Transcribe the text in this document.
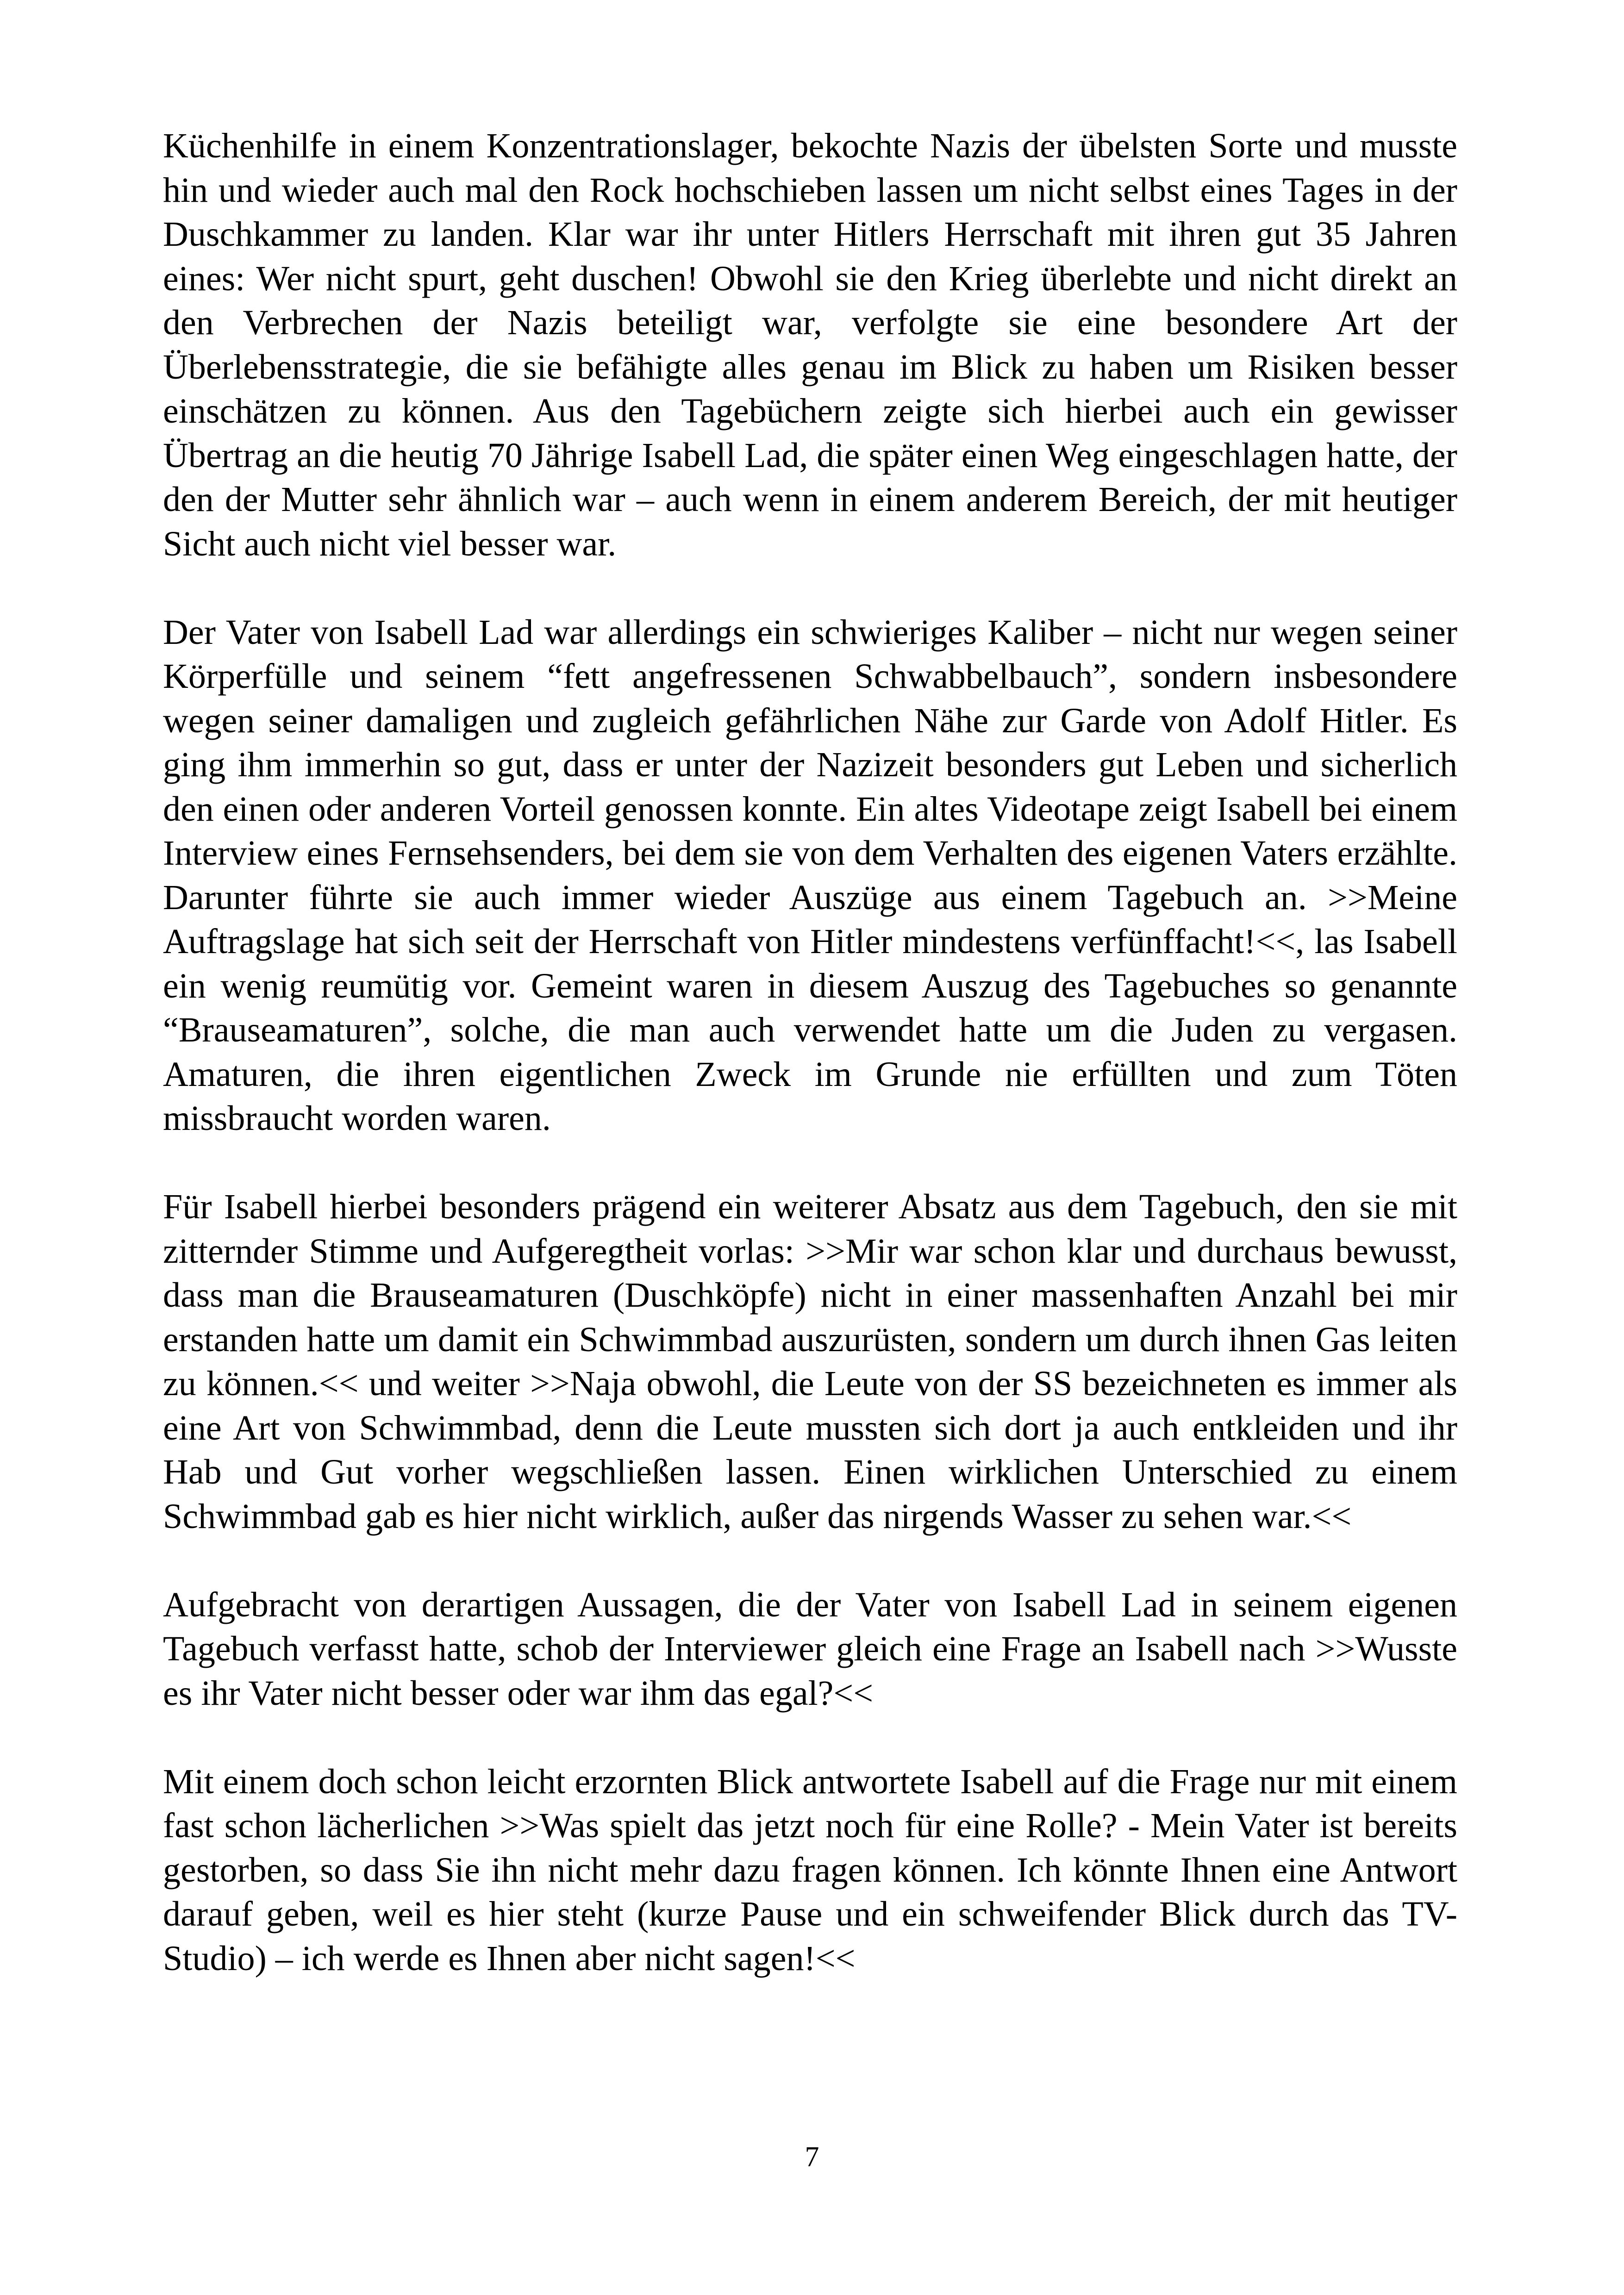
Küchenhilfe in einem Konzentrationslager, bekochte Nazis der übelsten Sorte und musste hin und wieder auch mal den Rock hochschieben lassen um nicht selbst eines Tages in der Duschkammer zu landen. Klar war ihr unter Hitlers Herrschaft mit ihren gut 35 Jahren eines: Wer nicht spurt, geht duschen! Obwohl sie den Krieg überlebte und nicht direkt an den Verbrechen der Nazis beteiligt war, verfolgte sie eine besondere Art der Überlebensstrategie, die sie befähigte alles genau im Blick zu haben um Risiken besser einschätzen zu können. Aus den Tagebüchern zeigte sich hierbei auch ein gewisser Übertrag an die heutig 70 Jährige Isabell Lad, die später einen Weg eingeschlagen hatte, der den der Mutter sehr ähnlich war – auch wenn in einem anderem Bereich, der mit heutiger Sicht auch nicht viel besser war.

Der Vater von Isabell Lad war allerdings ein schwieriges Kaliber – nicht nur wegen seiner Körperfülle und seinem “fett angefressenen Schwabbelbauch”, sondern insbesondere wegen seiner damaligen und zugleich gefährlichen Nähe zur Garde von Adolf Hitler. Es ging ihm immerhin so gut, dass er unter der Nazizeit besonders gut Leben und sicherlich den einen oder anderen Vorteil genossen konnte. Ein altes Videotape zeigt Isabell bei einem Interview eines Fernsehsenders, bei dem sie von dem Verhalten des eigenen Vaters erzählte. Darunter führte sie auch immer wieder Auszüge aus einem Tagebuch an. >>Meine Auftragslage hat sich seit der Herrschaft von Hitler mindestens verfünffacht!<<, las Isabell ein wenig reumütig vor. Gemeint waren in diesem Auszug des Tagebuches so genannte “Brauseamaturen”, solche, die man auch verwendet hatte um die Juden zu vergasen. Amaturen, die ihren eigentlichen Zweck im Grunde nie erfüllten und zum Töten missbraucht worden waren.

Für Isabell hierbei besonders prägend ein weiterer Absatz aus dem Tagebuch, den sie mit zitternder Stimme und Aufgeregtheit vorlas: >>Mir war schon klar und durchaus bewusst, dass man die Brauseamaturen (Duschköpfe) nicht in einer massenhaften Anzahl bei mir erstanden hatte um damit ein Schwimmbad auszurüsten, sondern um durch ihnen Gas leiten zu können.<< und weiter >>Naja obwohl, die Leute von der SS bezeichneten es immer als eine Art von Schwimmbad, denn die Leute mussten sich dort ja auch entkleiden und ihr Hab und Gut vorher wegschließen lassen. Einen wirklichen Unterschied zu einem Schwimmbad gab es hier nicht wirklich, außer das nirgends Wasser zu sehen war.<<

Aufgebracht von derartigen Aussagen, die der Vater von Isabell Lad in seinem eigenen Tagebuch verfasst hatte, schob der Interviewer gleich eine Frage an Isabell nach >>Wusste es ihr Vater nicht besser oder war ihm das egal?<<

Mit einem doch schon leicht erzornten Blick antwortete Isabell auf die Frage nur mit einem fast schon lächerlichen >>Was spielt das jetzt noch für eine Rolle? - Mein Vater ist bereits gestorben, so dass Sie ihn nicht mehr dazu fragen können. Ich könnte Ihnen eine Antwort darauf geben, weil es hier steht (kurze Pause und ein schweifender Blick durch das TV-Studio) – ich werde es Ihnen aber nicht sagen!<<

7
